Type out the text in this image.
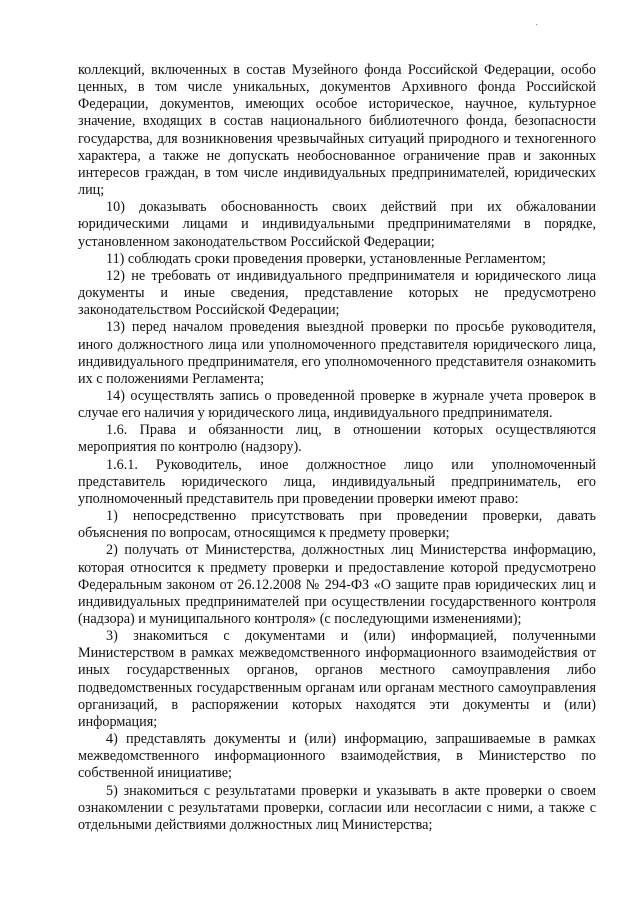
коллекций, включенных в состав Музейного фонда Российской Федерации, особо ценных, в том числе уникальных, документов Архивного фонда Российской Федерации, документов, имеющих особое историческое, научное, культурное значение, входящих в состав национального библиотечного фонда, безопасности государства, для возникновения чрезвычайных ситуаций природного и техногенного характера, а также не допускать необоснованное ограничение прав и законных интересов граждан, в том числе индивидуальных предпринимателей, юридических лиц;

10) доказывать обоснованность своих действий при их обжаловании юридическими лицами и индивидуальными предпринимателями в порядке, установленном законодательством Российской Федерации;

11) соблюдать сроки проведения проверки, установленные Регламентом;

12) не требовать от индивидуального предпринимателя и юридического лица документы и иные сведения, представление которых не предусмотрено законодательством Российской Федерации;

13) перед началом проведения выездной проверки по просьбе руководителя, иного должностного лица или уполномоченного представителя юридического лица, индивидуального предпринимателя, его уполномоченного представителя ознакомить их с положениями Регламента;

14) осуществлять запись о проведенной проверке в журнале учета проверок в случае его наличия у юридического лица, индивидуального предпринимателя.

1.6. Права и обязанности лиц, в отношении которых осуществляются мероприятия по контролю (надзору).

1.6.1. Руководитель, иное должностное лицо или уполномоченный представитель юридического лица, индивидуальный предприниматель, его уполномоченный представитель при проведении проверки имеют право:

1) непосредственно присутствовать при проведении проверки, давать объяснения по вопросам, относящимся к предмету проверки;

2) получать от Министерства, должностных лиц Министерства информацию, которая относится к предмету проверки и предоставление которой предусмотрено Федеральным законом от 26.12.2008 № 294-ФЗ «О защите прав юридических лиц и индивидуальных предпринимателей при осуществлении государственного контроля (надзора) и муниципального контроля» (с последующими изменениями);

3) знакомиться с документами и (или) информацией, полученными Министерством в рамках межведомственного информационного взаимодействия от иных государственных органов, органов местного самоуправления либо подведомственных государственным органам или органам местного самоуправления организаций, в распоряжении которых находятся эти документы и (или) информация;

4) представлять документы и (или) информацию, запрашиваемые в рамках межведомственного информационного взаимодействия, в Министерство по собственной инициативе;

5) знакомиться с результатами проверки и указывать в акте проверки о своем ознакомлении с результатами проверки, согласии или несогласии с ними, а также с отдельными действиями должностных лиц Министерства;
